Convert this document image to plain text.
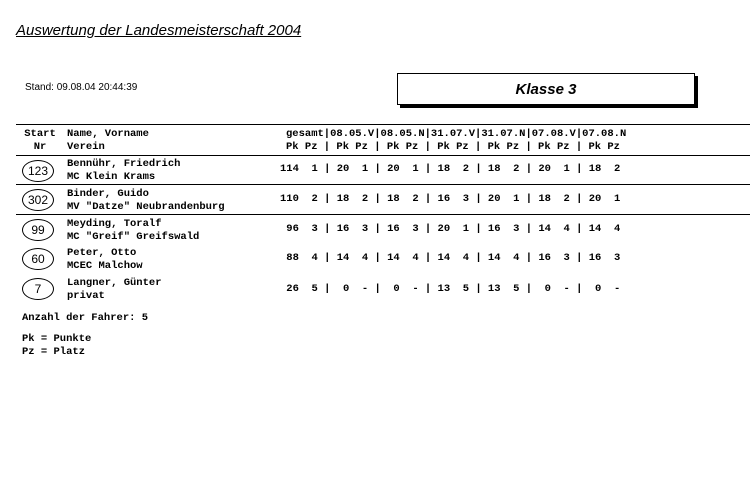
Auswertung der Landesmeisterschaft 2004
Stand: 09.08.04 20:44:39	Klasse 3
Start
Nr
Name, Vorname
Verein
gesamt|08.05.V|08.05.N|31.07.V|31.07.N|07.08.V|07.08.N
Pk Pz | Pk Pz | Pk Pz | Pk Pz | Pk Pz | Pk Pz | Pk Pz
123	Bennühr, Friedrich
MC Klein Krams
114  1 | 20  1 | 20  1 | 18  2 | 18  2 | 20  1 | 18  2
302	Binder, Guido
MV "Datze" Neubrandenburg
110  2 | 18  2 | 18  2 | 16  3 | 20  1 | 18  2 | 20  1
99	Meyding, Toralf
MC "Greif" Greifswald
96  3 | 16  3 | 16  3 | 20  1 | 16  3 | 14  4 | 14  4
60	Peter, Otto
MCEC Malchow
88  4 | 14  4 | 14  4 | 14  4 | 14  4 | 16  3 | 16  3
7	Langner, Günter
privat
26  5 |  0  - |  0  - | 13  5 | 13  5 |  0  - |  0  -
Anzahl der Fahrer: 5
Pk = Punkte
Pz = Platz
